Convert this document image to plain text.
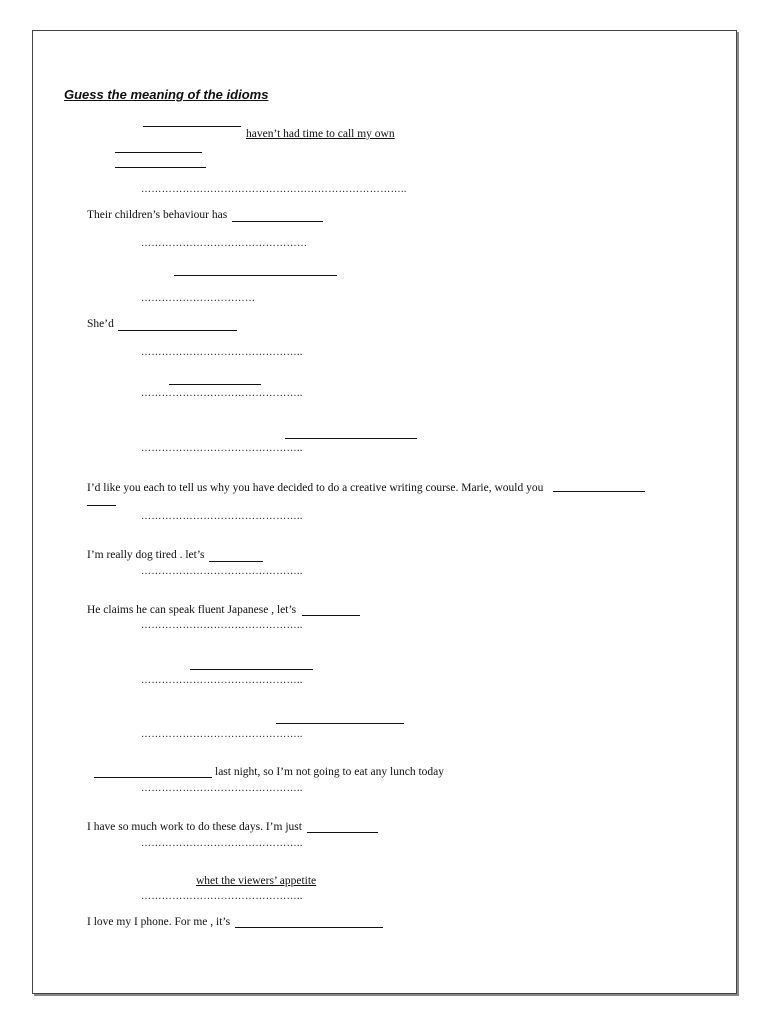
Guess the meaning of the idioms
haven’t had time to call my own
…………………………………………………………………..
Their children’s behaviour has
…………………………………………
……………………………
She’d
………………………………………..
………………………………………..
………………………………………..
I’d like you each to tell us why you have decided to do a creative writing course. Marie, would you
………………………………………..
I’m really dog tired . let’s
………………………………………..
He claims he can speak fluent Japanese , let’s
………………………………………..
………………………………………..
………………………………………..
last night, so I’m not going to eat any lunch today
………………………………………..
I have so much work to do these days. I’m just
………………………………………..
whet the viewers’ appetite
………………………………………..
I love my I phone. For me , it’s
